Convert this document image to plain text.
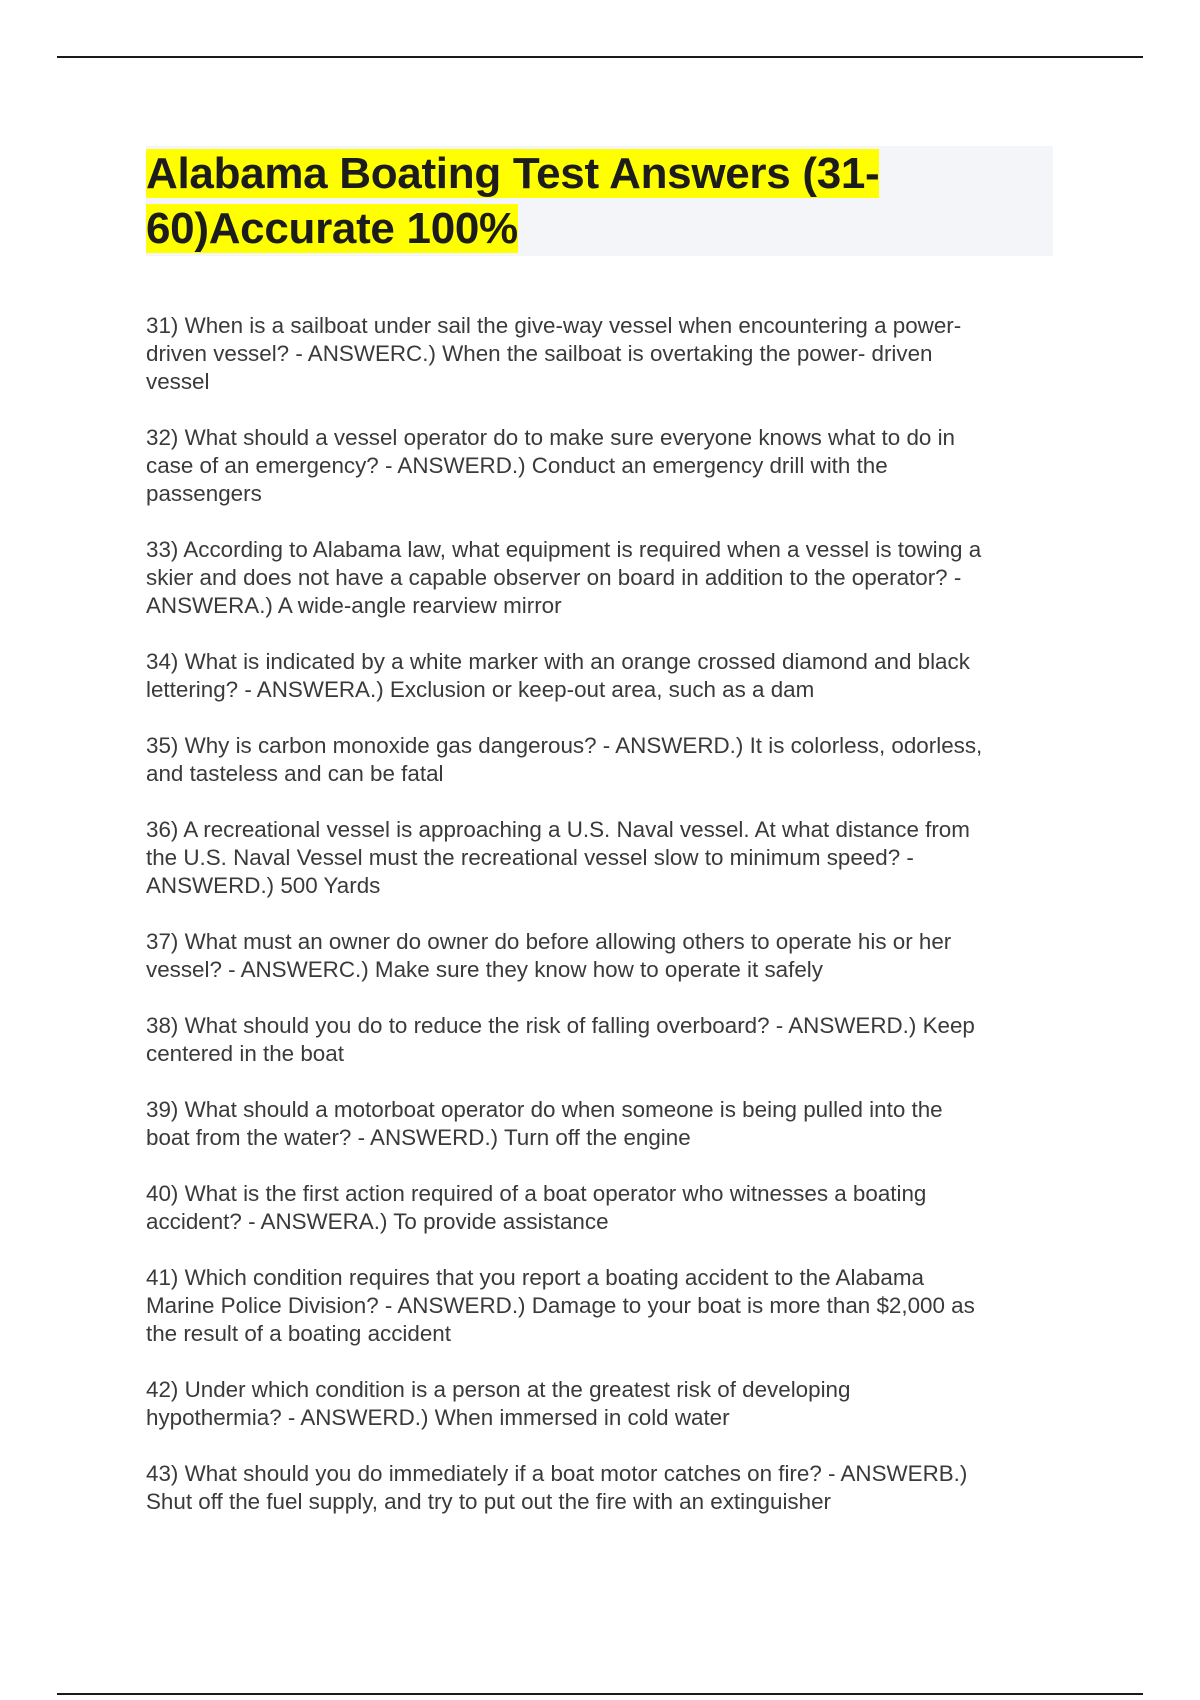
Alabama Boating Test Answers (31-
60)Accurate 100%
31) When is a sailboat under sail the give-way vessel when encountering a power-
driven vessel? - ANSWERC.) When the sailboat is overtaking the power- driven
vessel
32) What should a vessel operator do to make sure everyone knows what to do in
case of an emergency? - ANSWERD.) Conduct an emergency drill with the
passengers
33) According to Alabama law, what equipment is required when a vessel is towing a
skier and does not have a capable observer on board in addition to the operator? -
ANSWERA.) A wide-angle rearview mirror
34) What is indicated by a white marker with an orange crossed diamond and black
lettering? - ANSWERA.) Exclusion or keep-out area, such as a dam
35) Why is carbon monoxide gas dangerous? - ANSWERD.) It is colorless, odorless,
and tasteless and can be fatal
36) A recreational vessel is approaching a U.S. Naval vessel. At what distance from
the U.S. Naval Vessel must the recreational vessel slow to minimum speed? -
ANSWERD.) 500 Yards
37) What must an owner do owner do before allowing others to operate his or her
vessel? - ANSWERC.) Make sure they know how to operate it safely
38) What should you do to reduce the risk of falling overboard? - ANSWERD.) Keep
centered in the boat
39) What should a motorboat operator do when someone is being pulled into the
boat from the water? - ANSWERD.) Turn off the engine
40) What is the first action required of a boat operator who witnesses a boating
accident? - ANSWERA.) To provide assistance
41) Which condition requires that you report a boating accident to the Alabama
Marine Police Division? - ANSWERD.) Damage to your boat is more than $2,000 as
the result of a boating accident
42) Under which condition is a person at the greatest risk of developing
hypothermia? - ANSWERD.) When immersed in cold water
43) What should you do immediately if a boat motor catches on fire? - ANSWERB.)
Shut off the fuel supply, and try to put out the fire with an extinguisher
